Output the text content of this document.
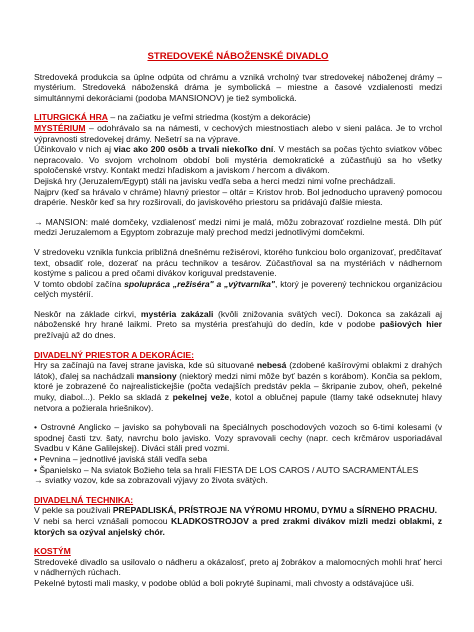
STREDOVEKÉ NÁBOŽENSKÉ DIVADLO

Stredoveká produkcia sa úplne odpúta od chrámu a vzniká vrcholný tvar stredovekej náboženej drámy – mystérium. Stredoveká náboženská dráma je symbolická – miestne a časové vzdialenosti medzi simultánnymi dekoráciami (podoba MANSIONOV) je tiež symbolická.

LITURGICKÁ HRA – na začiatku je veľmi striedma (kostým a dekorácie)
MYSTÉRIUM – odohrávalo sa na námesti, v cechových miestnostiach alebo v sieni paláca. Je to vrchol výpravnosti stredovekej drámy. Nešetrí sa na výprave.
Účinkovalo v nich aj viac ako 200 osôb a trvali niekoľko dní. V mestách sa počas týchto sviatkov vôbec nepracovalo. Vo svojom vrcholnom období boli mystéria demokratické a zúčastňujú sa ho všetky spoločenské vrstvy. Kontakt medzi hľadiskom a javiskom / hercom a divákom.
Dejiská hry (Jeruzalem/Egypt) stáli na javisku vedľa seba a herci medzi nimi voľne prechádzali.
Najprv (keď sa hrávalo v chráme) hlavný priestor – oltár = Kristov hrob. Bol jednoducho upravený pomocou drapérie. Neskôr keď sa hry rozširovali, do javiskového priestoru sa pridávajú ďalšie miesta.

→ MANSION: malé domčeky, vzdialenosť medzi nimi je malá, môžu zobrazovať rozdielne mestá. Dlh púť medzi Jeruzalemom a Egyptom zobrazuje malý prechod medzi jednotlivými domčekmi.

V stredoveku vznikla funkcia približná dnešnému režisérovi, ktorého funkciou bolo organizovať, predčítavať text, obsadiť role, dozerať na prácu technikov a tesárov. Zúčastňoval sa na mystériách v nádhernom kostýme s palicou a pred očami divákov koriguval predstavenie.
V tomto období začína spolupráca „režiséra" a „výtvarníka", ktorý je poverený technickou organizáciou celých mystérií.

Neskôr na základe cirkvi, mystéria zakázali (kvôli znižovania svätých vecí). Dokonca sa zakázali aj náboženské hry hrané laikmi. Preto sa mystéria presťahujú do dedín, kde v podobe pašiových hier prežívajú až do dnes.

DIVADELNÝ PRIESTOR A DEKORÁCIE:
Hry sa začínajú na ľavej strane javiska, kde sú situované nebesá (zdobené kašírovými oblakmi z drahých látok), ďalej sa nachádzali mansiony (niektorý medzi nimi môže byť bazén s korábom). Končia sa peklom, ktoré je zobrazené čo najrealistickejšie (počta vedajších predstáv pekla – škripanie zubov, oheň, pekelné muky, diabol...). Peklo sa skladá z pekelnej veže, kotol a oblučnej papule (tlamy také odseknutej hlavy netvora a požierala hriešnikov).

• Ostrovné Anglicko – javisko sa pohybovali na špeciálnych poschodových vozoch so 6-timi kolesami (v spodnej časti tzv. šaty, navrchu bolo javisko. Vozy spravovali cechy (napr. cech krčmárov usporiadával Svadbu v Káne Galilejskej). Diváci stáli pred vozmi.
• Pevnina – jednotlivé javiská stáli vedľa seba
• Španielsko – Na sviatok Božieho tela sa hralí FIESTA DE LOS CAROS / AUTO SACRAMENTÁLES
→ sviatky vozov, kde sa zobrazovali výjavy zo života svätých.

DIVADELNÁ TECHNIKA:
V pekle sa používali PREPADLISKÁ, PRÍSTROJE NA VÝROMU HROMU, DYMU a SÍRNEHO PRACHU.
V nebi sa herci vznášali pomocou KLADKOSTROJOV a pred zrakmi divákov mizli medzi oblakmi, z ktorých sa ozýval anjelský chór.

KOSTÝM
Stredoveké divadlo sa usilovalo o nádheru a okázalosť, preto aj žobrákov a malomocných mohli hrať herci v nádherných rúchach.
Pekelné bytosti mali masky, v podobe oblúd a boli pokryté šupinami, mali chvosty a odstávajúce uši.
